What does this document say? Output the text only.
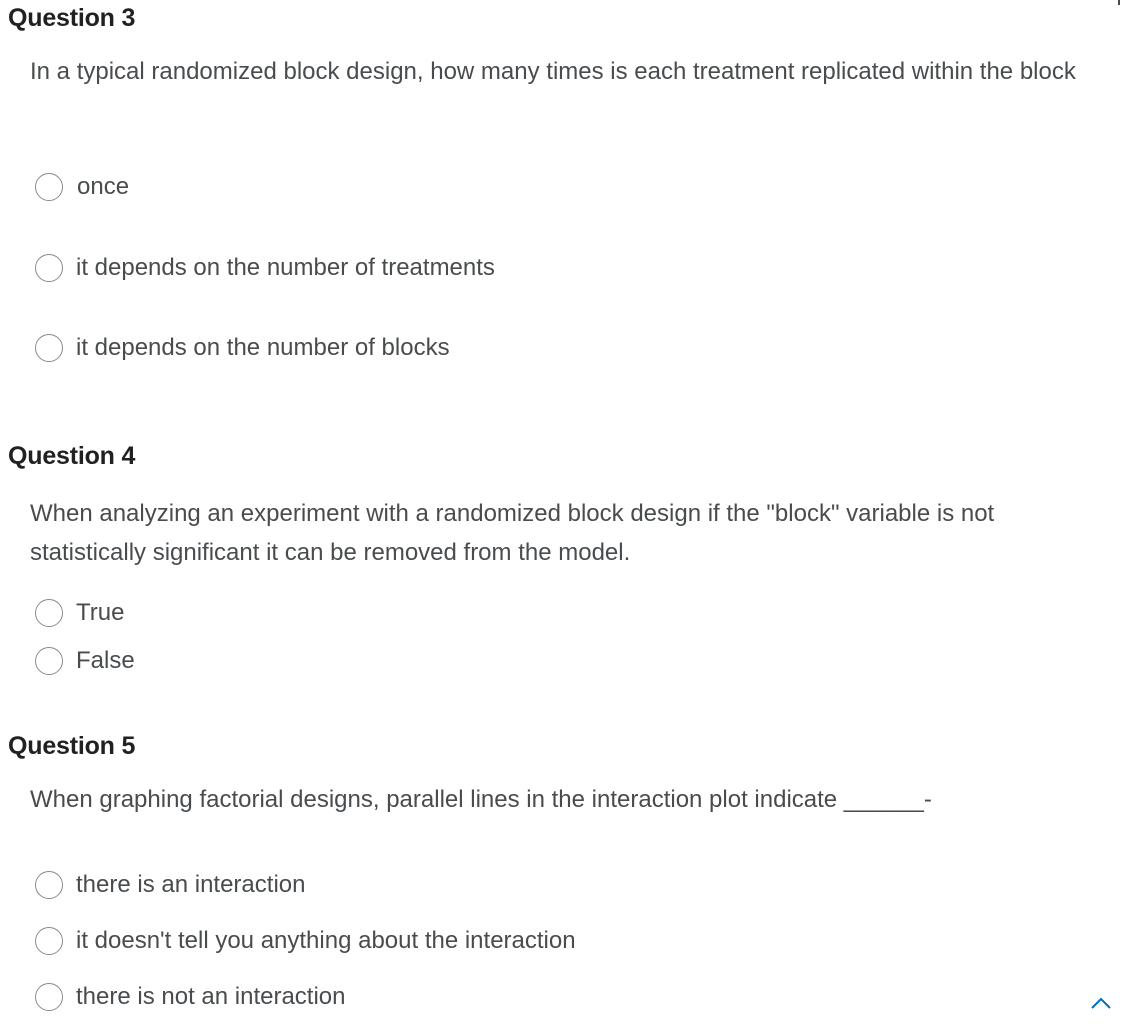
Question 3

In a typical randomized block design, how many times is each treatment replicated within the block

once
it depends on the number of treatments
it depends on the number of blocks
Question 4

When analyzing an experiment with a randomized block design if the "block" variable is not statistically significant it can be removed from the model.

True
False
Question 5

When graphing factorial designs, parallel lines in the interaction plot indicate ______-

there is an interaction
it doesn't tell you anything about the interaction
there is not an interaction
